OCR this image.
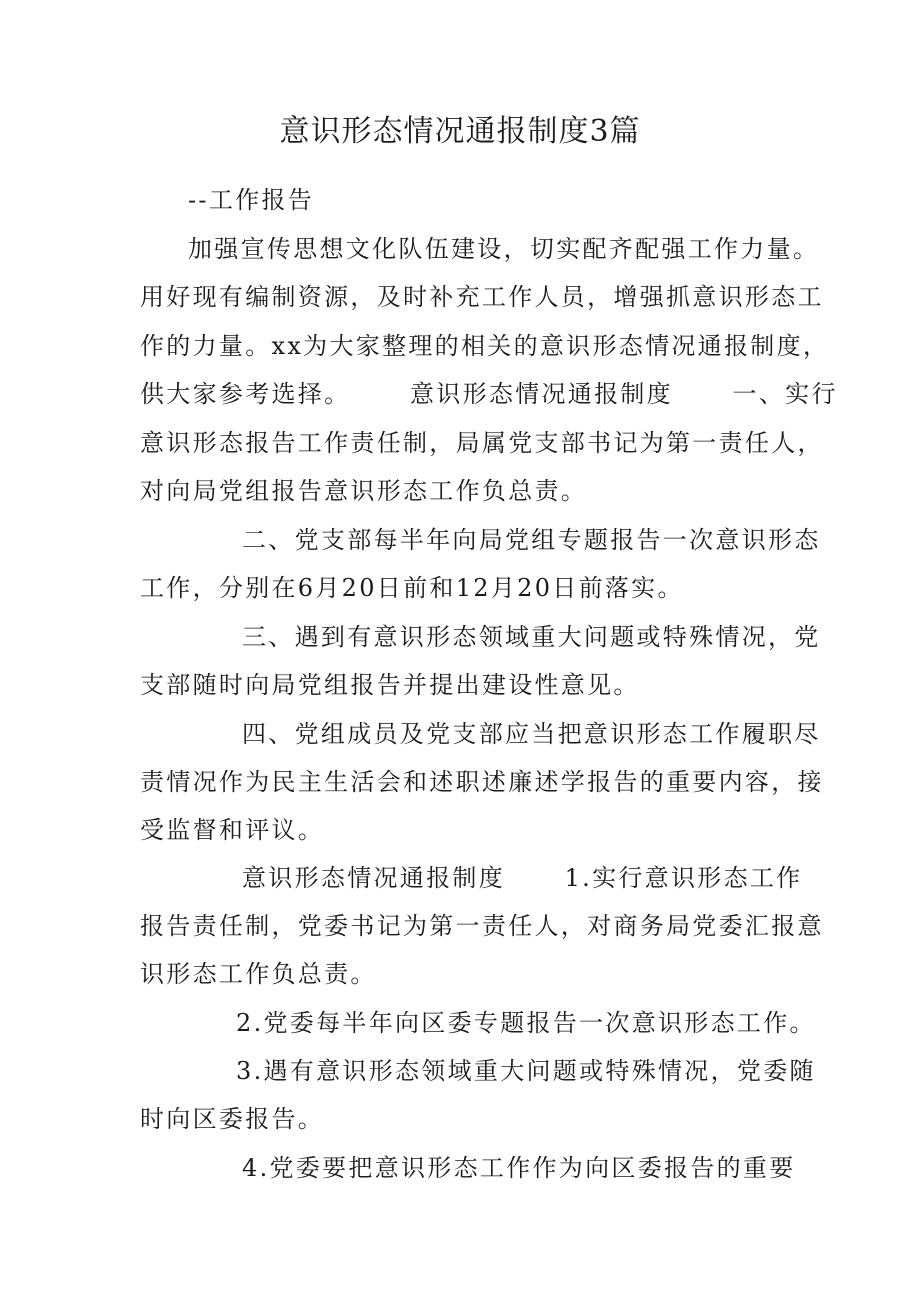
意识形态情况通报制度3篇

--工作报告

加强宣传思想文化队伍建设，切实配齐配强工作力量。

用好现有编制资源，及时补充工作人员，增强抓意识形态工

作的力量。xx为大家整理的相关的意识形态情况通报制度，

供大家参考选择。      意识形态情况通报制度      一、实行

意识形态报告工作责任制，局属党支部书记为第一责任人，

对向局党组报告意识形态工作负总责。

二、党支部每半年向局党组专题报告一次意识形态

工作，分别在6月20日前和12月20日前落实。

三、遇到有意识形态领域重大问题或特殊情况，党

支部随时向局党组报告并提出建设性意见。

四、党组成员及党支部应当把意识形态工作履职尽

责情况作为民主生活会和述职述廉述学报告的重要内容，接

受监督和评议。

意识形态情况通报制度      1.实行意识形态工作

报告责任制，党委书记为第一责任人，对商务局党委汇报意

识形态工作负总责。

2.党委每半年向区委专题报告一次意识形态工作。

3.遇有意识形态领域重大问题或特殊情况，党委随

时向区委报告。

4.党委要把意识形态工作作为向区委报告的重要
